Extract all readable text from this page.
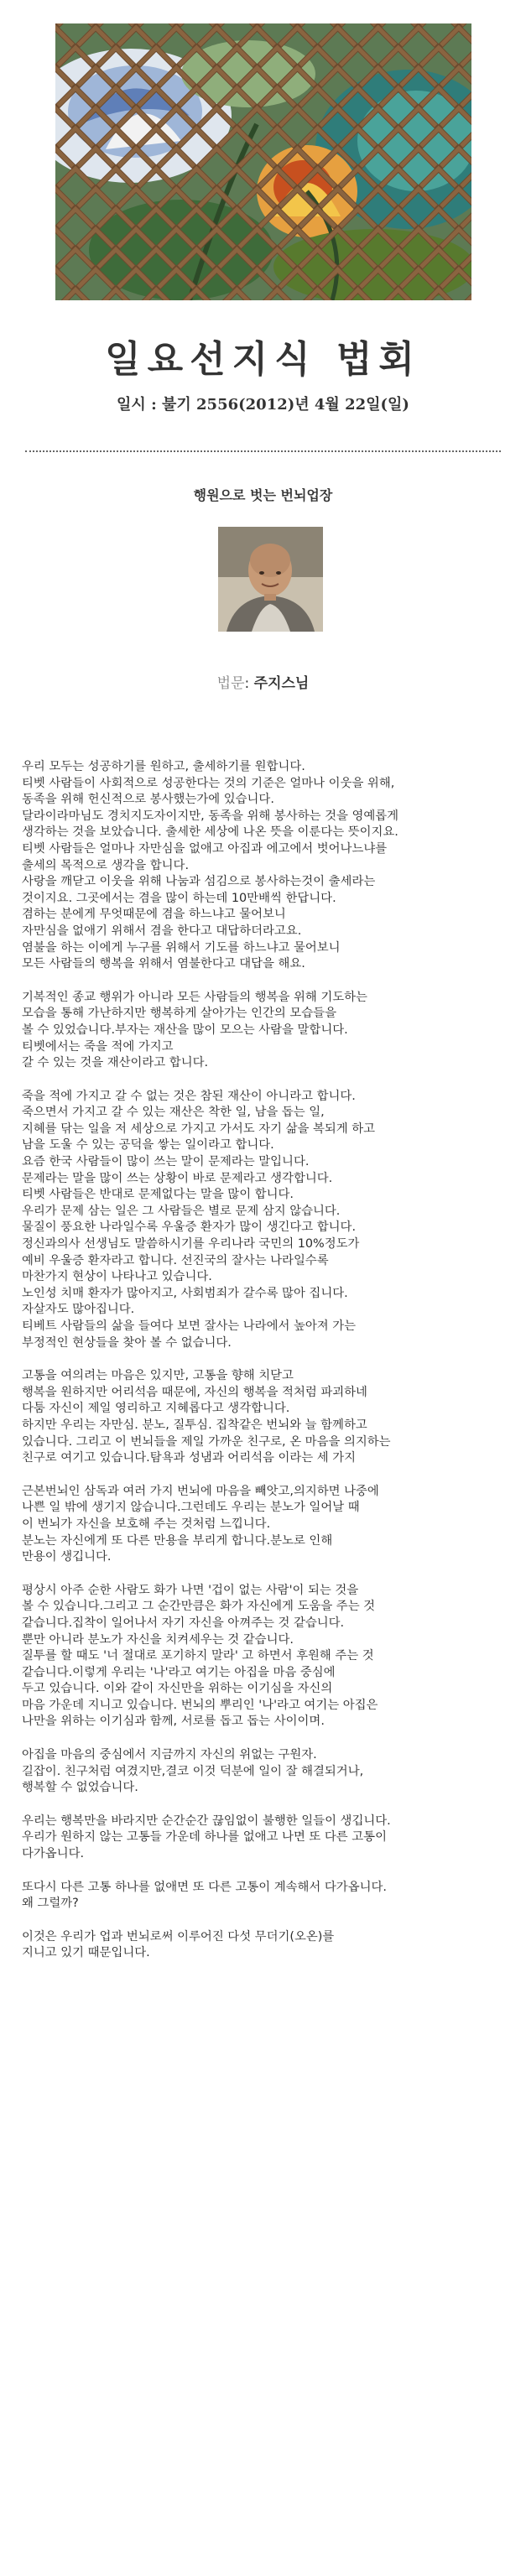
일요선지식 법회
일시 : 불기 2556(2012)년 4월 22일(일)
행원으로 벗는 번뇌업장
법문: 주지스님
우리 모두는 성공하기를 원하고, 출세하기를 원합니다.
티벳 사람들이 사회적으로 성공한다는 것의 기준은 얼마나 이웃을 위해,
동족을 위해 헌신적으로 봉사했는가에 있습니다.
달라이라마님도 경치지도자이지만, 동족을 위해 봉사하는 것을 영예롭게
생각하는 것을 보았습니다. 출세한 세상에 나온 뜻을 이룬다는 뜻이지요.
티벳 사람들은 얼마나 자만심을 없애고 아집과 에고에서 벗어나느냐를
출세의 목적으로 생각을 합니다.
사랑을 깨닫고 이웃을 위해 나눔과 섬김으로 봉사하는것이 출세라는
것이지요. 그곳에서는 겸을 많이 하는데 10만배씩 한답니다.
겸하는 분에게 무엇때문에 겸을 하느냐고 물어보니
자만심을 없애기 위해서 겸을 한다고 대답하더라고요.
염불을 하는 이에게 누구를 위해서 기도를 하느냐고 물어보니
모든 사람들의 행복을 위해서 염불한다고 대답을 해요.
기복적인 종교 행위가 아니라 모든 사람들의 행복을 위해 기도하는
모습을 통해 가난하지만 행복하게 살아가는 인간의 모습들을
볼 수 있었습니다.부자는 재산을 많이 모으는 사람을 말합니다.
티벳에서는 죽을 적에 가지고
갈 수 있는 것을 재산이라고 합니다.
죽을 적에 가지고 갈 수 없는 것은 참된 재산이 아니라고 합니다.
죽으면서 가지고 갈 수 있는 재산은 착한 일, 남을 돕는 일,
지혜를 닦는 일을 저 세상으로 가지고 가서도 자기 삶을 복되게 하고
남을 도울 수 있는 공덕을 쌓는 일이라고 합니다.
요즘 한국 사람들이 많이 쓰는 말이 문제라는 말입니다.
문제라는 말을 많이 쓰는 상황이 바로 문제라고 생각합니다.
티벳 사람들은 반대로 문제없다는 말을 많이 합니다.
우리가 문제 삼는 일은 그 사람들은 별로 문제 삼지 않습니다.
물질이 풍요한 나라일수록 우울증 환자가 많이 생긴다고 합니다.
정신과의사 선생님도 말씀하시기를 우리나라 국민의 10%정도가
예비 우울증 환자라고 합니다. 선진국의 잘사는 나라일수록
마찬가지 현상이 나타나고 있습니다.
노인성 치매 환자가 많아지고, 사회범죄가 갈수록 많아 집니다.
자살자도 많아집니다.
티베트 사람들의 삶을 들여다 보면 잘사는 나라에서 높아져 가는
부정적인 현상들을 찾아 볼 수 없습니다.
고통을 여의려는 마음은 있지만, 고통을 향해 치닫고
행복을 원하지만 어리석음 때문에, 자신의 행복을 적처럼 파괴하네
다툼 자신이 제일 영리하고 지혜롭다고 생각합니다.
하지만 우리는 자만심. 분노, 질투심. 집착같은 번뇌와 늘 함께하고
있습니다. 그리고 이 번뇌들을 제일 가까운 친구로, 온 마음을 의지하는
친구로 여기고 있습니다.탐욕과 성냄과 어리석음 이라는 세 가지
근본번뇌인 삼독과 여러 가지 번뇌에 마음을 빼앗고,의지하면 나중에
나쁜 일 밖에 생기지 않습니다.그런데도 우리는 분노가 일어날 때
이 번뇌가 자신을 보호해 주는 것처럼 느낍니다.
분노는 자신에게 또 다른 만용을 부리게 합니다.분노로 인해
만용이 생깁니다.
평상시 아주 순한 사람도 화가 나면 '겁이 없는 사람'이 되는 것을
볼 수 있습니다.그리고 그 순간만큼은 화가 자신에게 도움을 주는 것
같습니다.집착이 일어나서 자기 자신을 아껴주는 것 같습니다.
뿐만 아니라 분노가 자신을 치켜세우는 것 같습니다.
질투를 할 때도 '너 절대로 포기하지 말라' 고 하면서 후원해 주는 것
같습니다.이렇게 우리는 '나'라고 여기는 아집을 마음 중심에
두고 있습니다. 이와 같이 자신만을 위하는 이기심을 자신의
마음 가운데 지니고 있습니다. 번뇌의 뿌리인 '나'라고 여기는 아집은
나만을 위하는 이기심과 함께, 서로를 돕고 돕는 사이이며.
아집을 마음의 중심에서 지금까지 자신의 위없는 구원자.
길잡이. 친구처럼 여겼지만,결코 이것 덕분에 일이 잘 해결되거나,
행복할 수 없었습니다.
우리는 행복만을 바라지만 순간순간 끊임없이 불행한 일들이 생깁니다.
우리가 원하지 않는 고통들 가운데 하나를 없애고 나면 또 다른 고통이
다가옵니다.
또다시 다른 고통 하나를 없애면 또 다른 고통이 계속해서 다가옵니다.
왜 그럴까?
이것은 우리가 업과 번뇌로써 이루어진 다섯 무더기(오온)를
지니고 있기 때문입니다.
